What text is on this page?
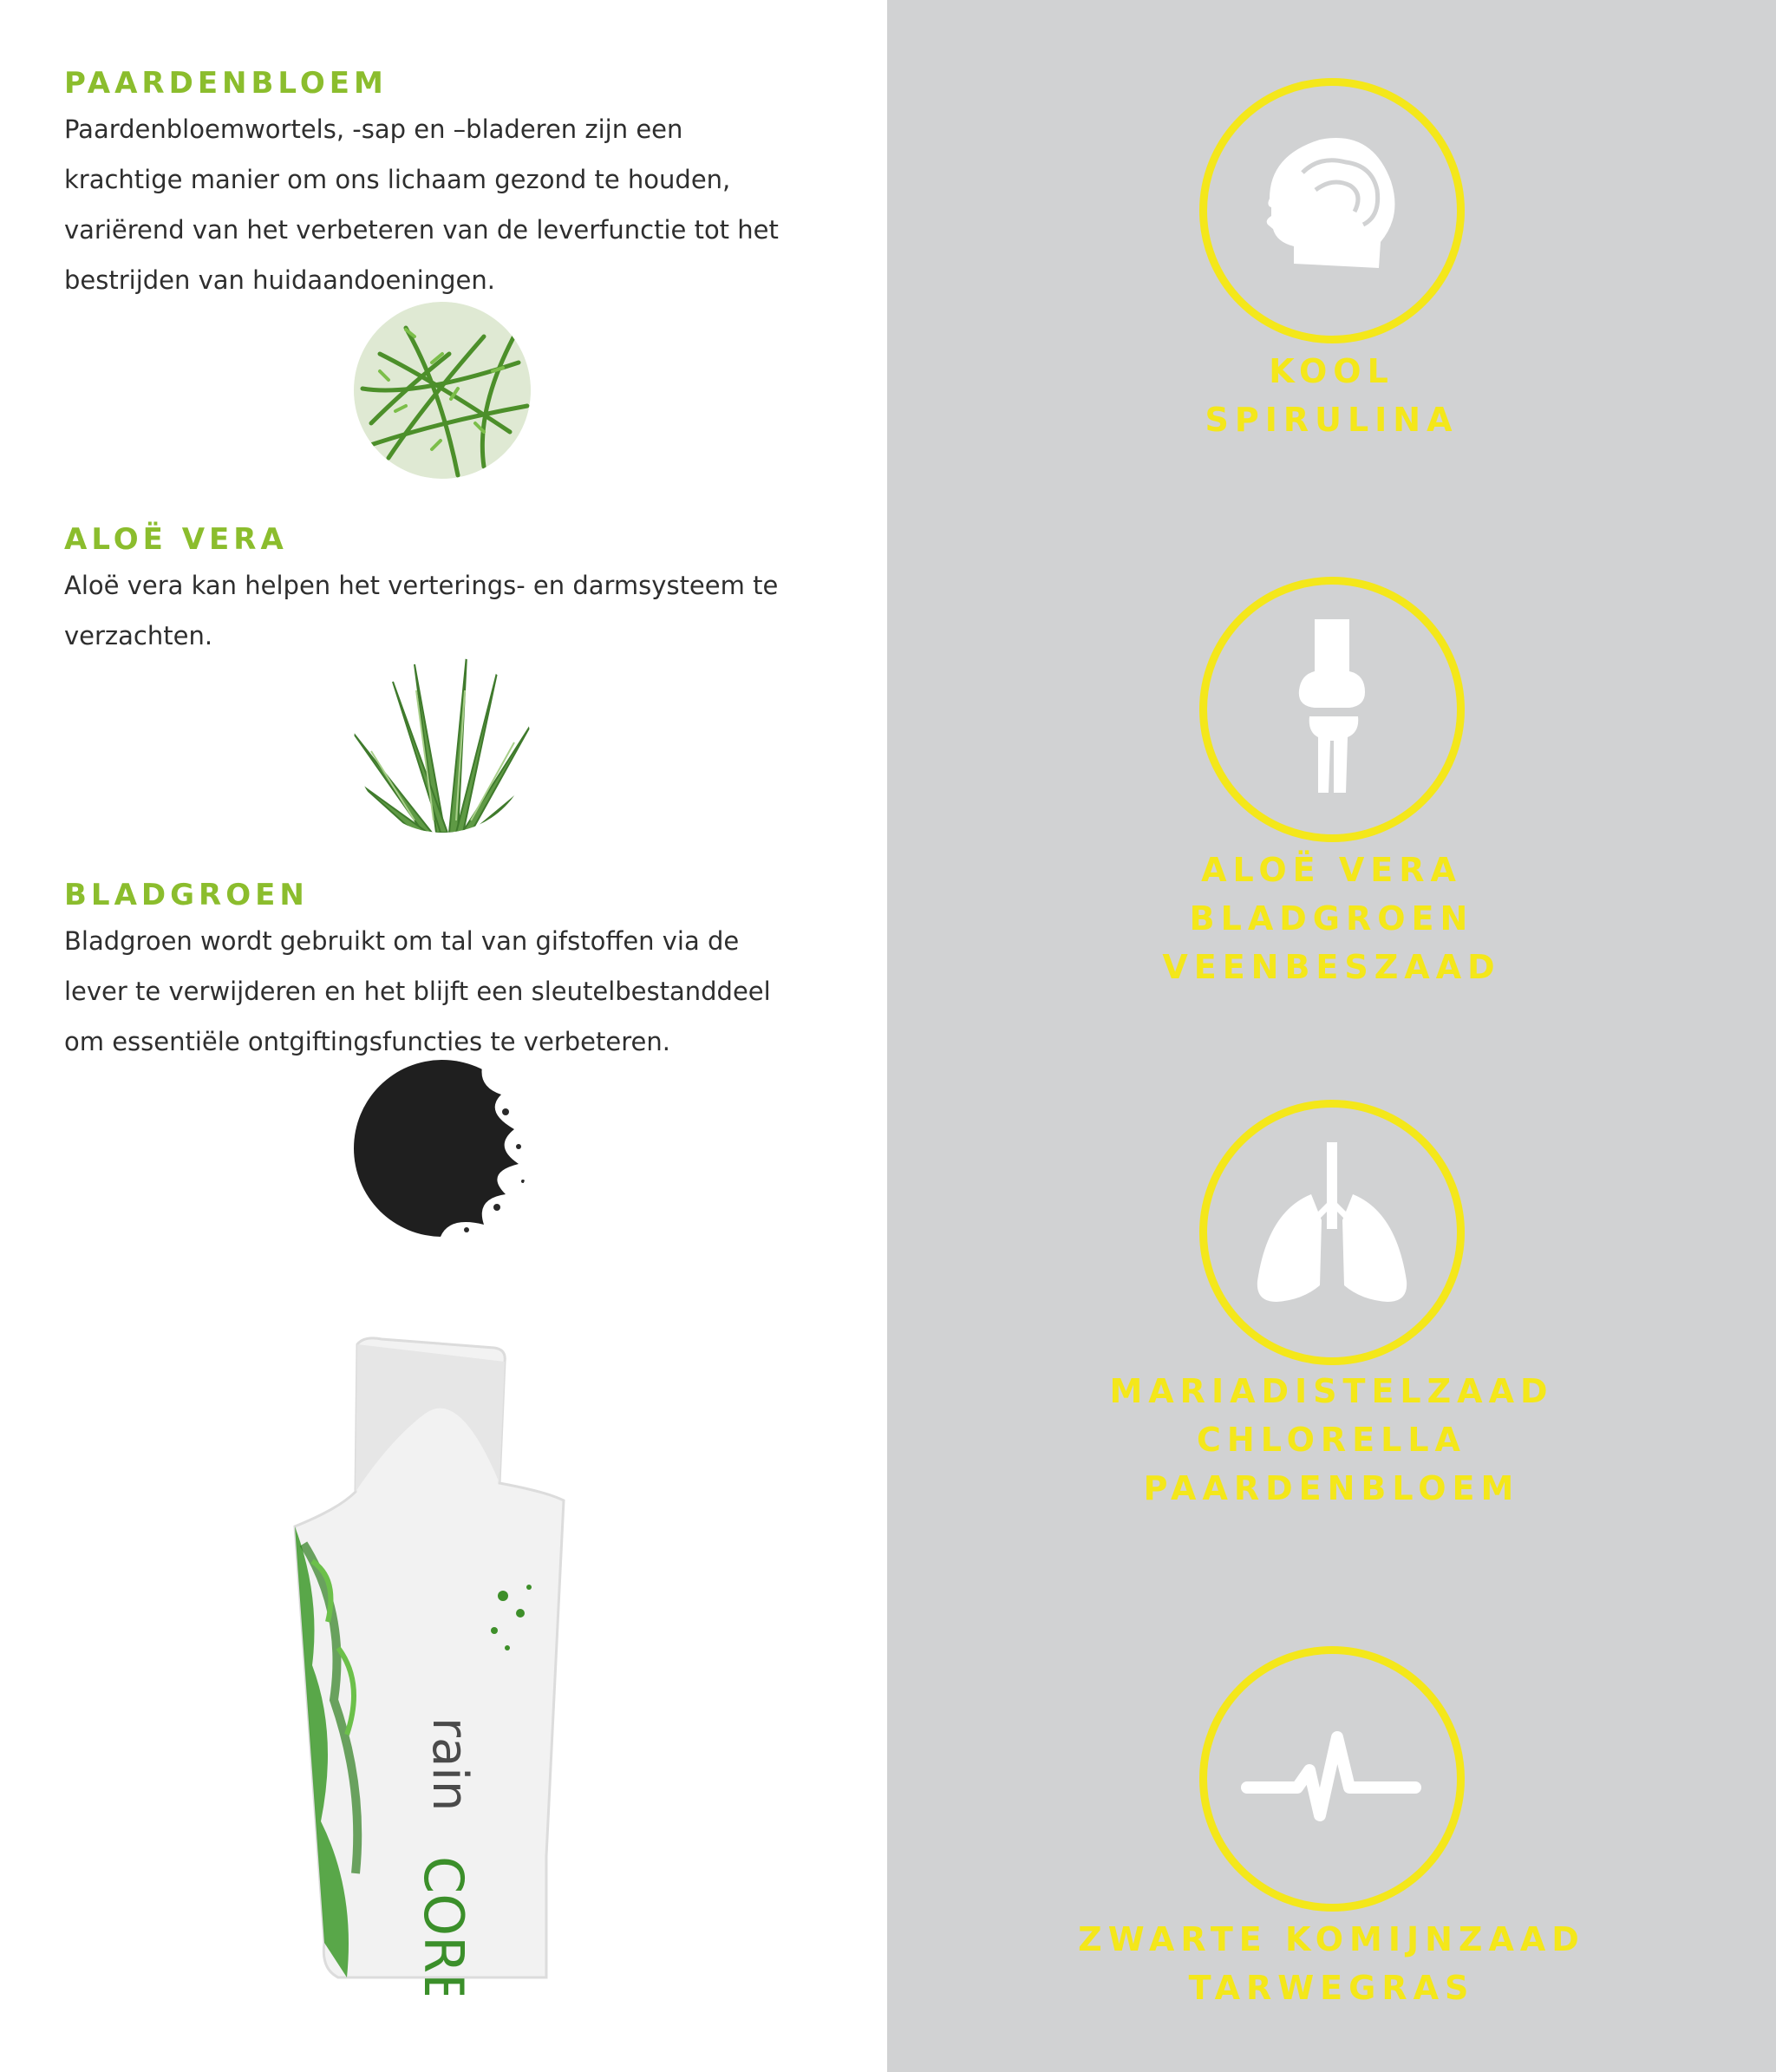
PAARDENBLOEM
Paardenbloemwortels, -sap en –bladeren zijn een
krachtige manier om ons lichaam gezond te houden,
variërend van het verbeteren van de leverfunctie tot het
bestrijden van huidaandoeningen.
ALOË VERA
Aloë vera kan helpen het verterings- en darmsysteem te
verzachten.
BLADGROEN
Bladgroen wordt gebruikt om tal van gifstoffen via de
lever te verwijderen en het blijft een sleutelbestanddeel
om essentiële ontgiftingsfuncties te verbeteren.
rain
CORE
KOOL
SPIRULINA
ALOË VERA
BLADGROEN
VEENBESZAAD
MARIADISTELZAAD
CHLORELLA
PAARDENBLOEM
ZWARTE KOMIJNZAAD
TARWEGRAS
